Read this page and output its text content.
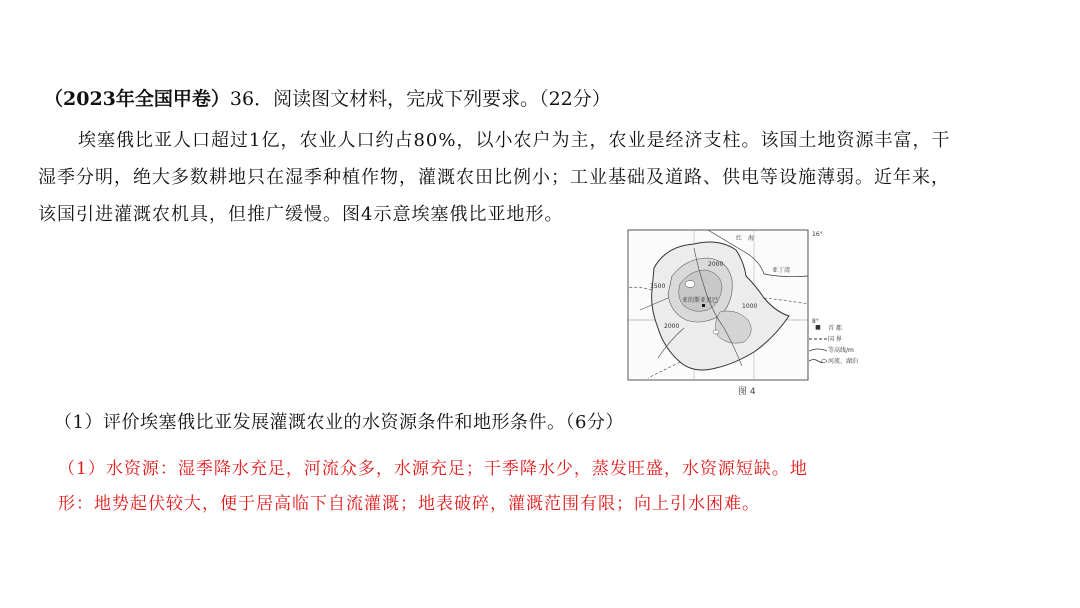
（2023年全国甲卷）36．阅读图文材料，完成下列要求。（22分）
埃塞俄比亚人口超过1亿，农业人口约占80%，以小农户为主，农业是经济支柱。该国土地资源丰富，干
湿季分明，绝大多数耕地只在湿季种植作物，灌溉农田比例小；工业基础及道路、供电等设施薄弱。近年来，
该国引进灌溉农机具，但推广缓慢。图4示意埃塞俄比亚地形。
16°
8°
红　海
亚丁湾
亚的斯亚贝巴
2000
1500
1000
2000	■	首 都
国 界
等高线/m
河流、湖泊
图 4
（1）评价埃塞俄比亚发展灌溉农业的水资源条件和地形条件。（6分）
（1）水资源：湿季降水充足，河流众多，水源充足；干季降水少，蒸发旺盛，水资源短缺。地
形：地势起伏较大，便于居高临下自流灌溉；地表破碎，灌溉范围有限；向上引水困难。
